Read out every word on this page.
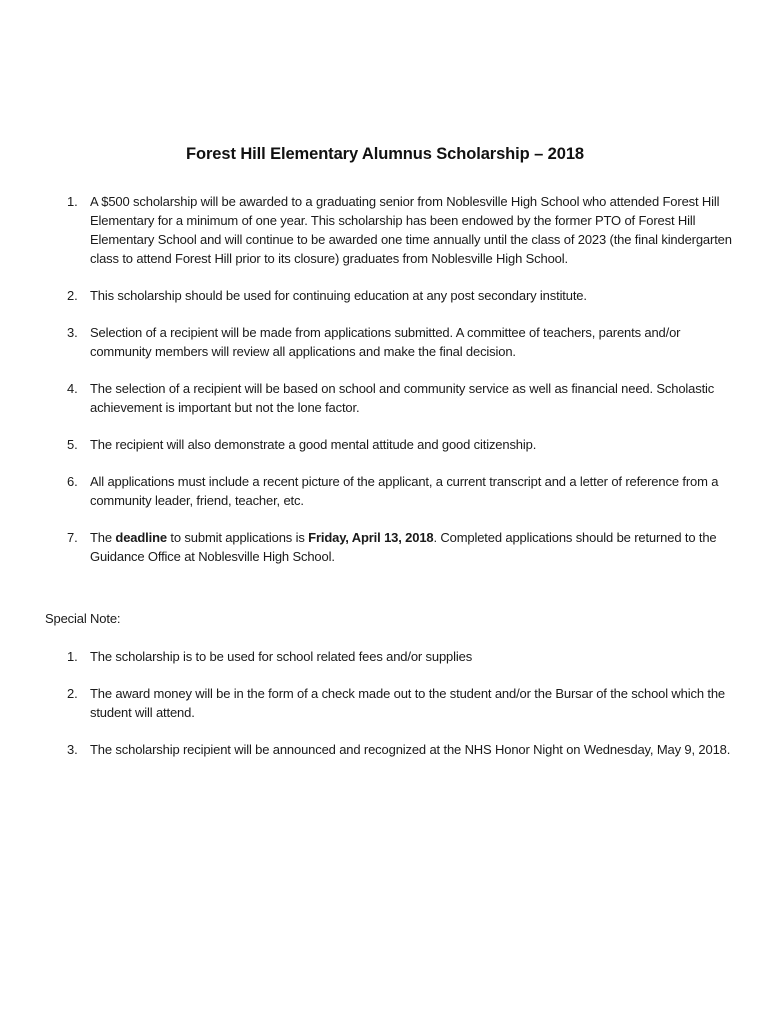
Forest Hill Elementary Alumnus Scholarship – 2018
1. A $500 scholarship will be awarded to a graduating senior from Noblesville High School who attended Forest Hill Elementary for a minimum of one year. This scholarship has been endowed by the former PTO of Forest Hill Elementary School and will continue to be awarded one time annually until the class of 2023 (the final kindergarten class to attend Forest Hill prior to its closure) graduates from Noblesville High School.
2. This scholarship should be used for continuing education at any post secondary institute.
3. Selection of a recipient will be made from applications submitted. A committee of teachers, parents and/or community members will review all applications and make the final decision.
4. The selection of a recipient will be based on school and community service as well as financial need. Scholastic achievement is important but not the lone factor.
5. The recipient will also demonstrate a good mental attitude and good citizenship.
6. All applications must include a recent picture of the applicant, a current transcript and a letter of reference from a community leader, friend, teacher, etc.
7. The deadline to submit applications is Friday, April 13, 2018. Completed applications should be returned to the Guidance Office at Noblesville High School.
Special Note:
1. The scholarship is to be used for school related fees and/or supplies
2. The award money will be in the form of a check made out to the student and/or the Bursar of the school which the student will attend.
3. The scholarship recipient will be announced and recognized at the NHS Honor Night on Wednesday, May 9, 2018.
